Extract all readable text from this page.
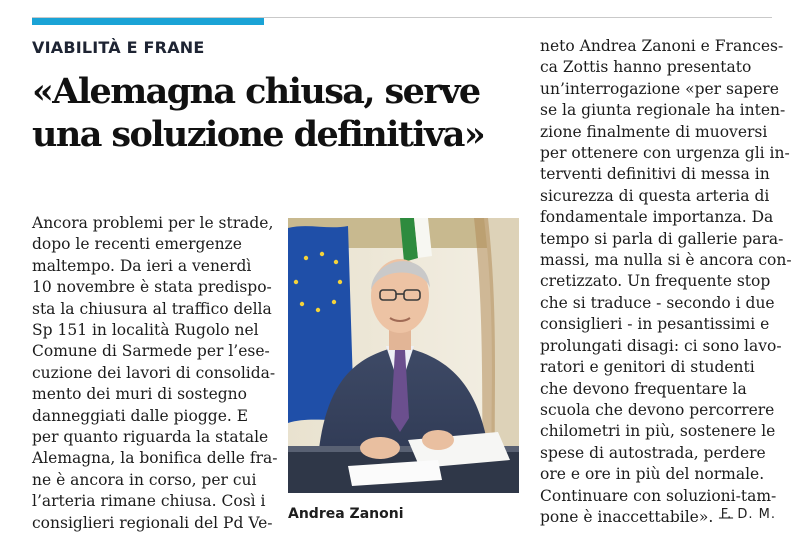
VIABILITÀ E FRANE
«Alemagna chiusa, serve
una soluzione definitiva»
Ancora problemi per le strade,
dopo le recenti emergenze
maltempo. Da ieri a venerdì
10 novembre è stata predispo-
sta la chiusura al traffico della
Sp 151 in località Rugolo nel
Comune di Sarmede per l’ese-
cuzione dei lavori di consolida-
mento dei muri di sostegno
danneggiati dalle piogge. E
per quanto riguarda la statale
Alemagna, la bonifica delle fra-
ne è ancora in corso, per cui
l’arteria rimane chiusa. Così i
consiglieri regionali del Pd Ve- Andrea Zanoni
neto Andrea Zanoni e Frances-
ca Zottis hanno presentato
un’interrogazione «per sapere
se la giunta regionale ha inten-
zione finalmente di muoversi
per ottenere con urgenza gli in-
terventi definitivi di messa in
sicurezza di questa arteria di
fondamentale importanza. Da
tempo si parla di gallerie para-
massi, ma nulla si è ancora con-
cretizzato. Un frequente stop
che si traduce - secondo i due
consiglieri - in pesantissimi e
prolungati disagi: ci sono lavo-
ratori e genitori di studenti
che devono frequentare la
scuola che devono percorrere
chilometri in più, sostenere le
spese di autostrada, perdere
ore e ore in più del normale.
Continuare con soluzioni-tam-
pone è inaccettabile». —
F. D. M.
